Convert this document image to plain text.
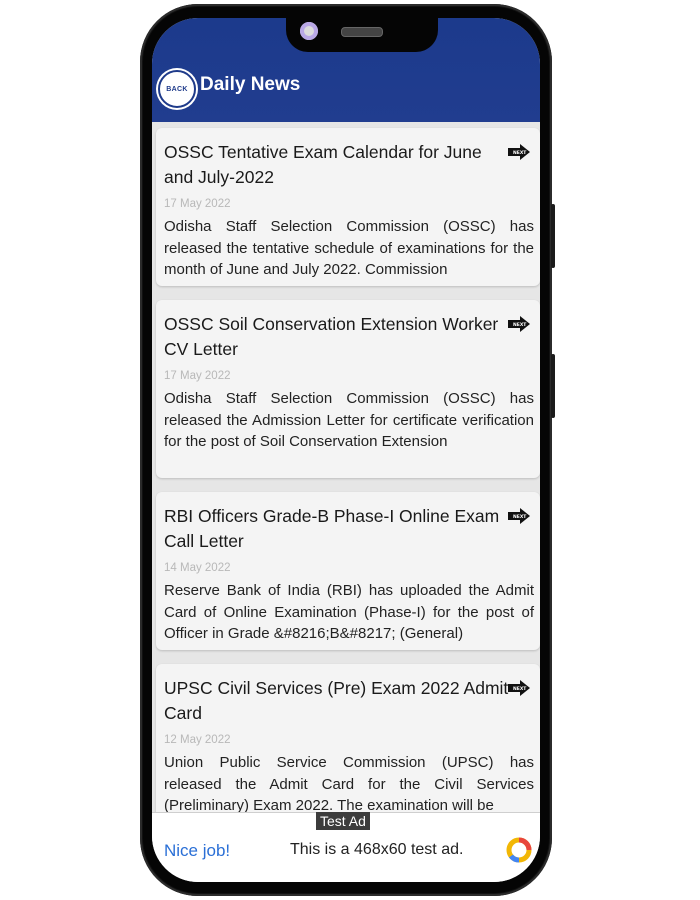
BACK Daily News
OSSC Tentative Exam Calendar for June and July-2022
NEXT
17 May 2022
Odisha Staff Selection Commission (OSSC) has released the tentative schedule of examinations for the month of June and July 2022. Commission
OSSC Soil Conservation Extension Worker CV Letter
NEXT
17 May 2022
Odisha Staff Selection Commission (OSSC) has released the Admission Letter for certificate verification for the post of Soil Conservation Extension
RBI Officers Grade-B Phase-I Online Exam Call Letter
NEXT
14 May 2022
Reserve Bank of India (RBI) has uploaded the Admit Card of Online Examination (Phase-I) for the post of Officer in Grade &#8216;B&#8217; (General)
UPSC Civil Services (Pre) Exam 2022 Admit Card
NEXT
12 May 2022
Union Public Service Commission (UPSC) has released the Admit Card for the Civil Services (Preliminary) Exam 2022. The examination will be
Test Ad
Nice job!	This is a 468x60 test ad.
